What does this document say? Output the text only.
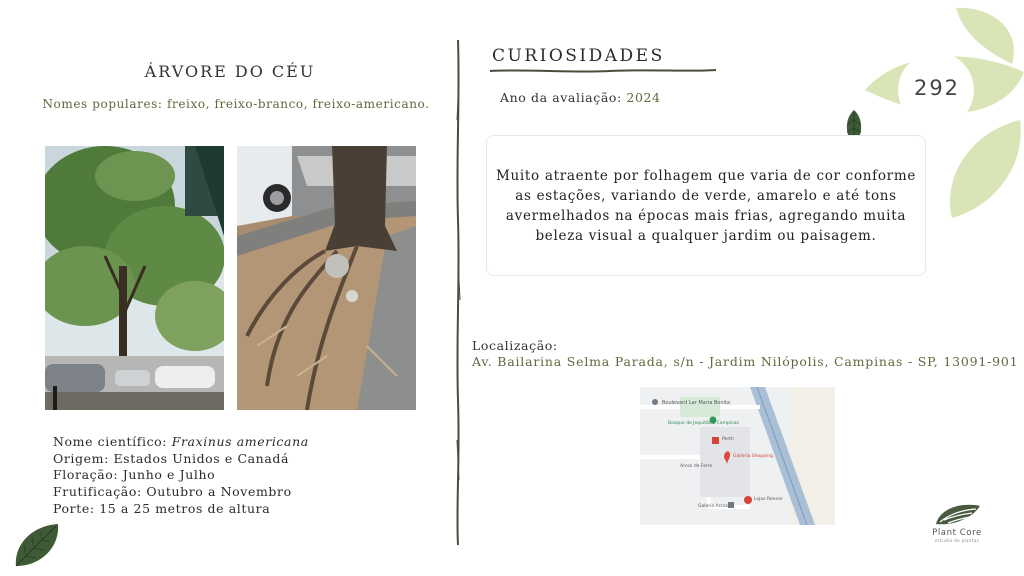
292
ÁRVORE DO CÉU
Nomes populares: freixo, freixo-branco, freixo-americano.
Nome científico: Fraxinus americana
Origem: Estados Unidos e Canadá
Floração: Junho e Julho
Frutificação: Outubro a Novembro
Porte: 15 a 25 metros de altura
CURIOSIDADES
Ano da avaliação: 2024
Muito atraente por folhagem que varia de cor conforme as estações, variando de verde, amarelo e até tons avermelhados na épocas mais frias, agregando muita beleza visual a qualquer jardim ou paisagem.
Localização:
Av. Bailarina Selma Parada, s/n - Jardim Nilópolis, Campinas - SP, 13091-901
Boulevard Lar Maria Bonita
Bosque de Jequitibás Campinas
Perth
Galleria Shopping
Lojas Renner
Arcos de Ferro
Galeria Arcos
Plant Core
estudio de plantas
